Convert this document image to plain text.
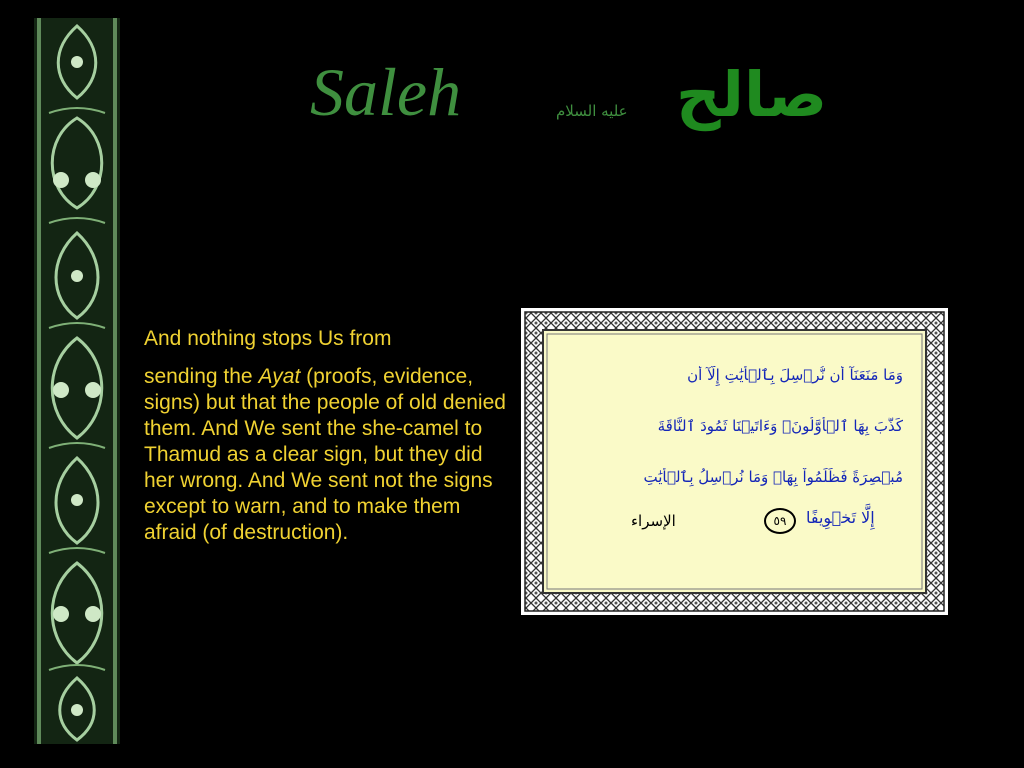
Saleh	عليه السلام صالح

And nothing stops Us from

sending the Ayat (proofs, evidence, signs) but that the people of old denied them. And We sent the she-camel to Thamud as a clear sign, but they did her wrong. And We sent not the signs except to warn, and to make them afraid (of destruction).

وَمَا مَنَعَنَآ أَن نُّرۡسِلَ بِٱلۡأٓيَٰتِ إِلَّآ أَن
كَذَّبَ بِهَا ٱلۡأَوَّلُونَۚ وَءَاتَيۡنَا ثَمُودَ ٱلنَّاقَةَ
مُبۡصِرَةً فَظَلَمُواْ بِهَاۚ وَمَا نُرۡسِلُ بِٱلۡأٓيَٰتِ
إِلَّا تَخۡوِيفًا
٥٩
الإسراء
